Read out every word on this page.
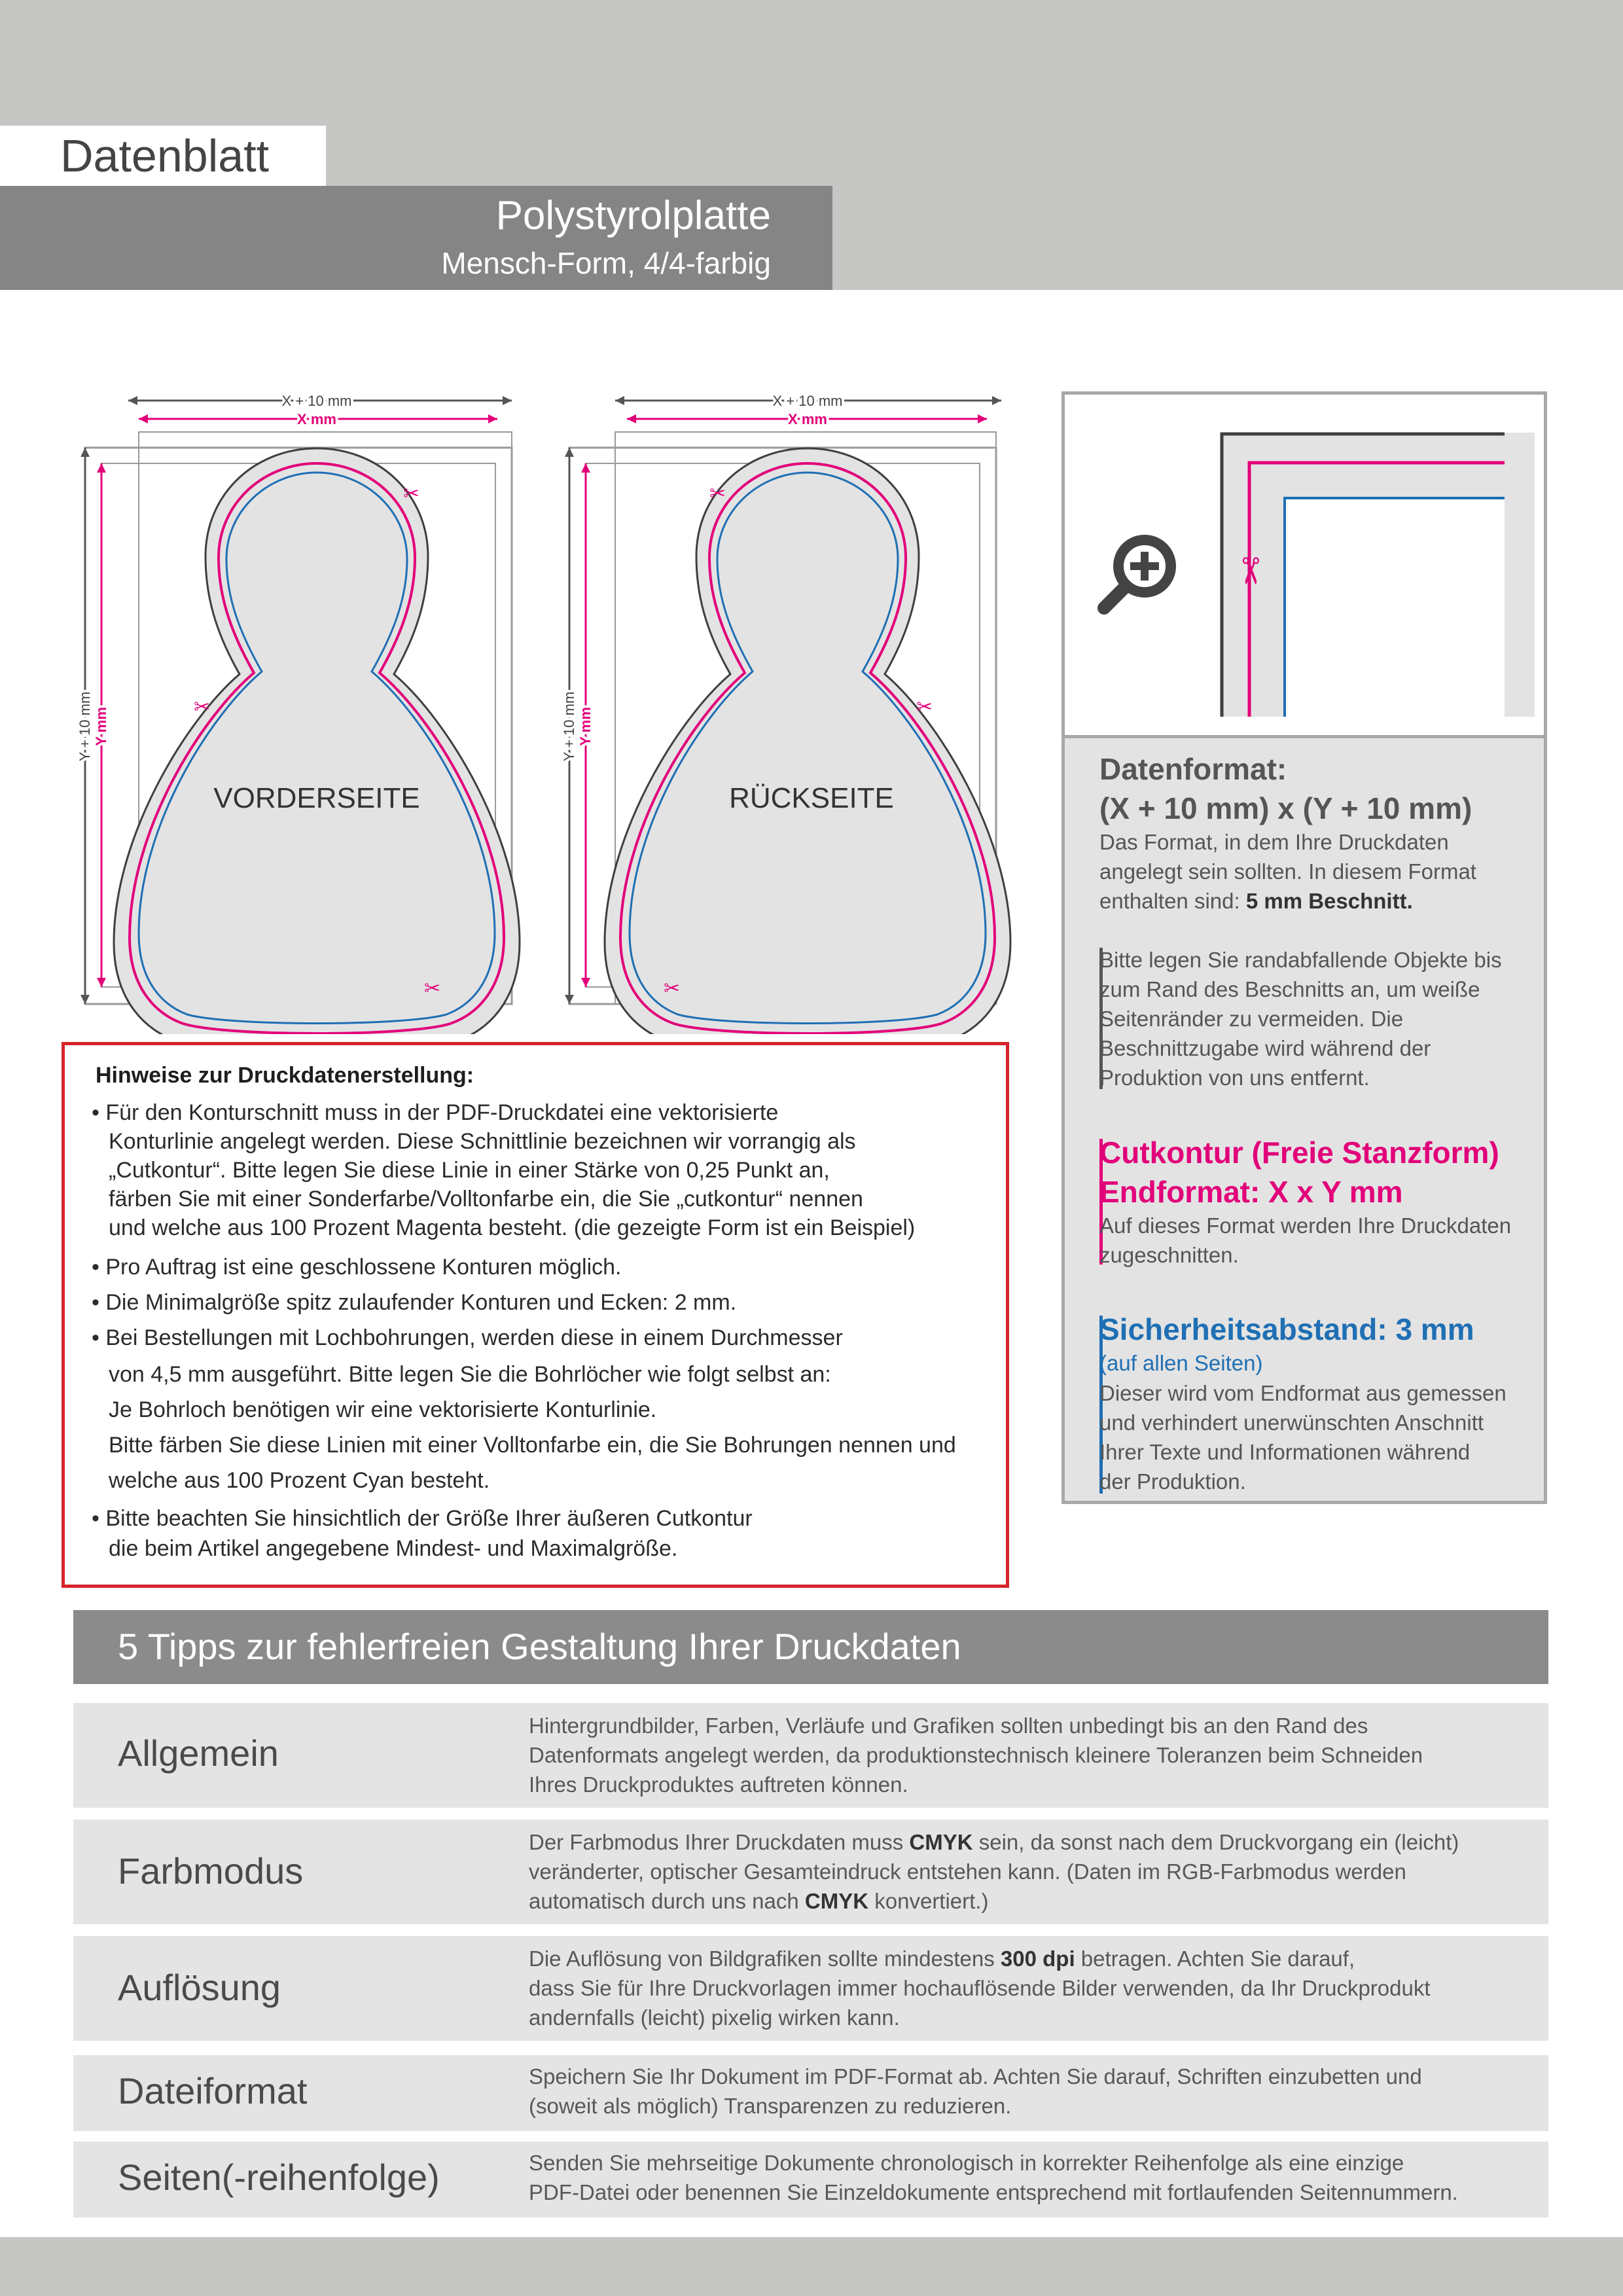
Datenblatt
Polystyrolplatte
Mensch-Form, 4/4-farbig
X + 10 mm
X mm
Y + 10 mm Y mm
VORDERSEITE
✂
✂
✂
X + 10 mm
X mm
Y + 10 mm Y mm
RÜCKSEITE
✂
✂
✂
✂
Datenformat:
(X + 10 mm) x (Y + 10 mm)
Das Format, in dem Ihre Druckdaten
angelegt sein sollten. In diesem Format
enthalten sind: 5 mm Beschnitt.
Bitte legen Sie randabfallende Objekte bis
zum Rand des Beschnitts an, um weiße
Seitenränder zu vermeiden. Die
Beschnittzugabe wird während der
Produktion von uns entfernt.
Cutkontur (Freie Stanzform)
Endformat: X x Y mm
Auf dieses Format werden Ihre Druckdaten
zugeschnitten.
Sicherheitsabstand: 3 mm
(auf allen Seiten)
Dieser wird vom Endformat aus gemessen
und verhindert unerwünschten Anschnitt
Ihrer Texte und Informationen während
der Produktion.
Hinweise zur Druckdatenerstellung:
• Für den Konturschnitt muss in der PDF-Druckdatei eine vektorisierte
Konturlinie angelegt werden. Diese Schnittlinie bezeichnen wir vorrangig als
„Cutkontur“. Bitte legen Sie diese Linie in einer Stärke von 0,25 Punkt an,
färben Sie mit einer Sonderfarbe/Volltonfarbe ein, die Sie „cutkontur“ nennen
und welche aus 100 Prozent Magenta besteht. (die gezeigte Form ist ein Beispiel)
• Pro Auftrag ist eine geschlossene Konturen möglich.
• Die Minimalgröße spitz zulaufender Konturen und Ecken: 2 mm.
• Bei Bestellungen mit Lochbohrungen, werden diese in einem Durchmesser
von 4,5 mm ausgeführt. Bitte legen Sie die Bohrlöcher wie folgt selbst an:
Je Bohrloch benötigen wir eine vektorisierte Konturlinie.
Bitte färben Sie diese Linien mit einer Volltonfarbe ein, die Sie Bohrungen nennen und
welche aus 100 Prozent Cyan besteht.
• Bitte beachten Sie hinsichtlich der Größe Ihrer äußeren Cutkontur
die beim Artikel angegebene Mindest- und Maximalgröße.
5 Tipps zur fehlerfreien Gestaltung Ihrer Druckdaten
Allgemein
Hintergrundbilder, Farben, Verläufe und Grafiken sollten unbedingt bis an den Rand des
Datenformats angelegt werden, da produktionstechnisch kleinere Toleranzen beim Schneiden
Ihres Druckproduktes auftreten können.
Farbmodus
Der Farbmodus Ihrer Druckdaten muss CMYK sein, da sonst nach dem Druckvorgang ein (leicht)
veränderter, optischer Gesamteindruck entstehen kann. (Daten im RGB-Farbmodus werden
automatisch durch uns nach CMYK konvertiert.)
Auflösung
Die Auflösung von Bildgrafiken sollte mindestens 300 dpi betragen. Achten Sie darauf,
dass Sie für Ihre Druckvorlagen immer hochauflösende Bilder verwenden, da Ihr Druckprodukt
andernfalls (leicht) pixelig wirken kann.
Dateiformat	Speichern Sie Ihr Dokument im PDF-Format ab. Achten Sie darauf, Schriften einzubetten und
(soweit als möglich) Transparenzen zu reduzieren.
Seiten(-reihenfolge)	Senden Sie mehrseitige Dokumente chronologisch in korrekter Reihenfolge als eine einzige
PDF-Datei oder benennen Sie Einzeldokumente entsprechend mit fortlaufenden Seitennummern.
